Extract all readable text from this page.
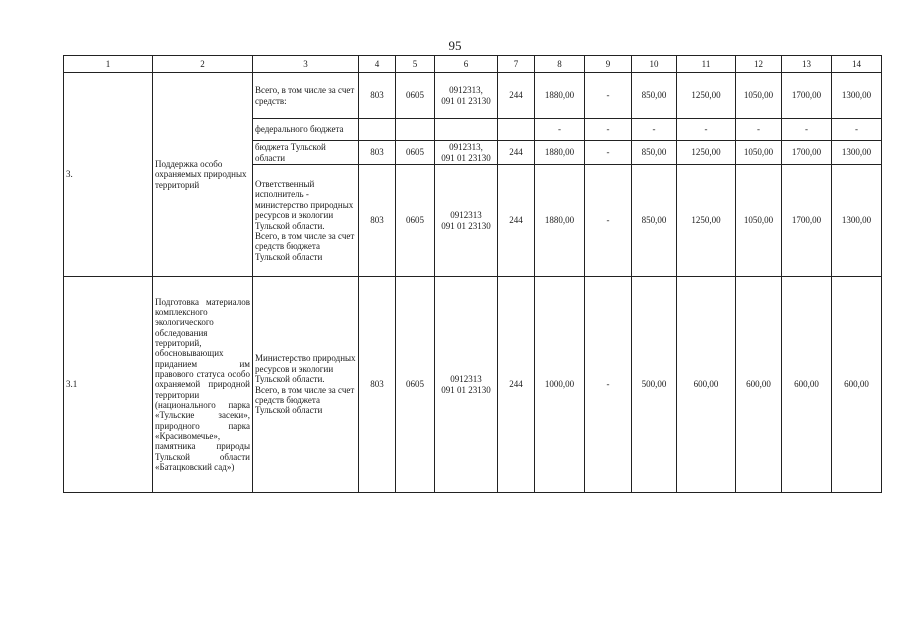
95
1	2	3	4	5	6	7	8	9	10	11	12	13	14
3.	Поддержка особо охраняемых природных территорий	Всего, в том числе за счет средств:	803	0605	0912313,
091 01 23130	244	1880,00	-	850,00	1250,00	1050,00	1700,00	1300,00
		федерального бюджета					-	-	-	-	-	-	-
		бюджета Тульской области	803	0605	0912313,
091 01 23130	244	1880,00	-	850,00	1250,00	1050,00	1700,00	1300,00
		Ответственный исполнитель - министерство природных ресурсов и экологии Тульской области.
Всего, в том числе за счет средств бюджета Тульской области	803	0605	0912313
091 01 23130	244	1880,00	-	850,00	1250,00	1050,00	1700,00	1300,00
3.1	Подготовка материалов комплексного экологического обследования территорий, обосновывающих приданием им правового статуса особо охраняемой природной территории (национального парка «Тульские засеки», природного парка «Красивомечье», памятника природы Тульской области «Батацковский сад»)	Министерство природных ресурсов и экологии Тульской области.
Всего, в том числе за счет средств бюджета Тульской области	803	0605	0912313
091 01 23130	244	1000,00	-	500,00	600,00	600,00	600,00	600,00
